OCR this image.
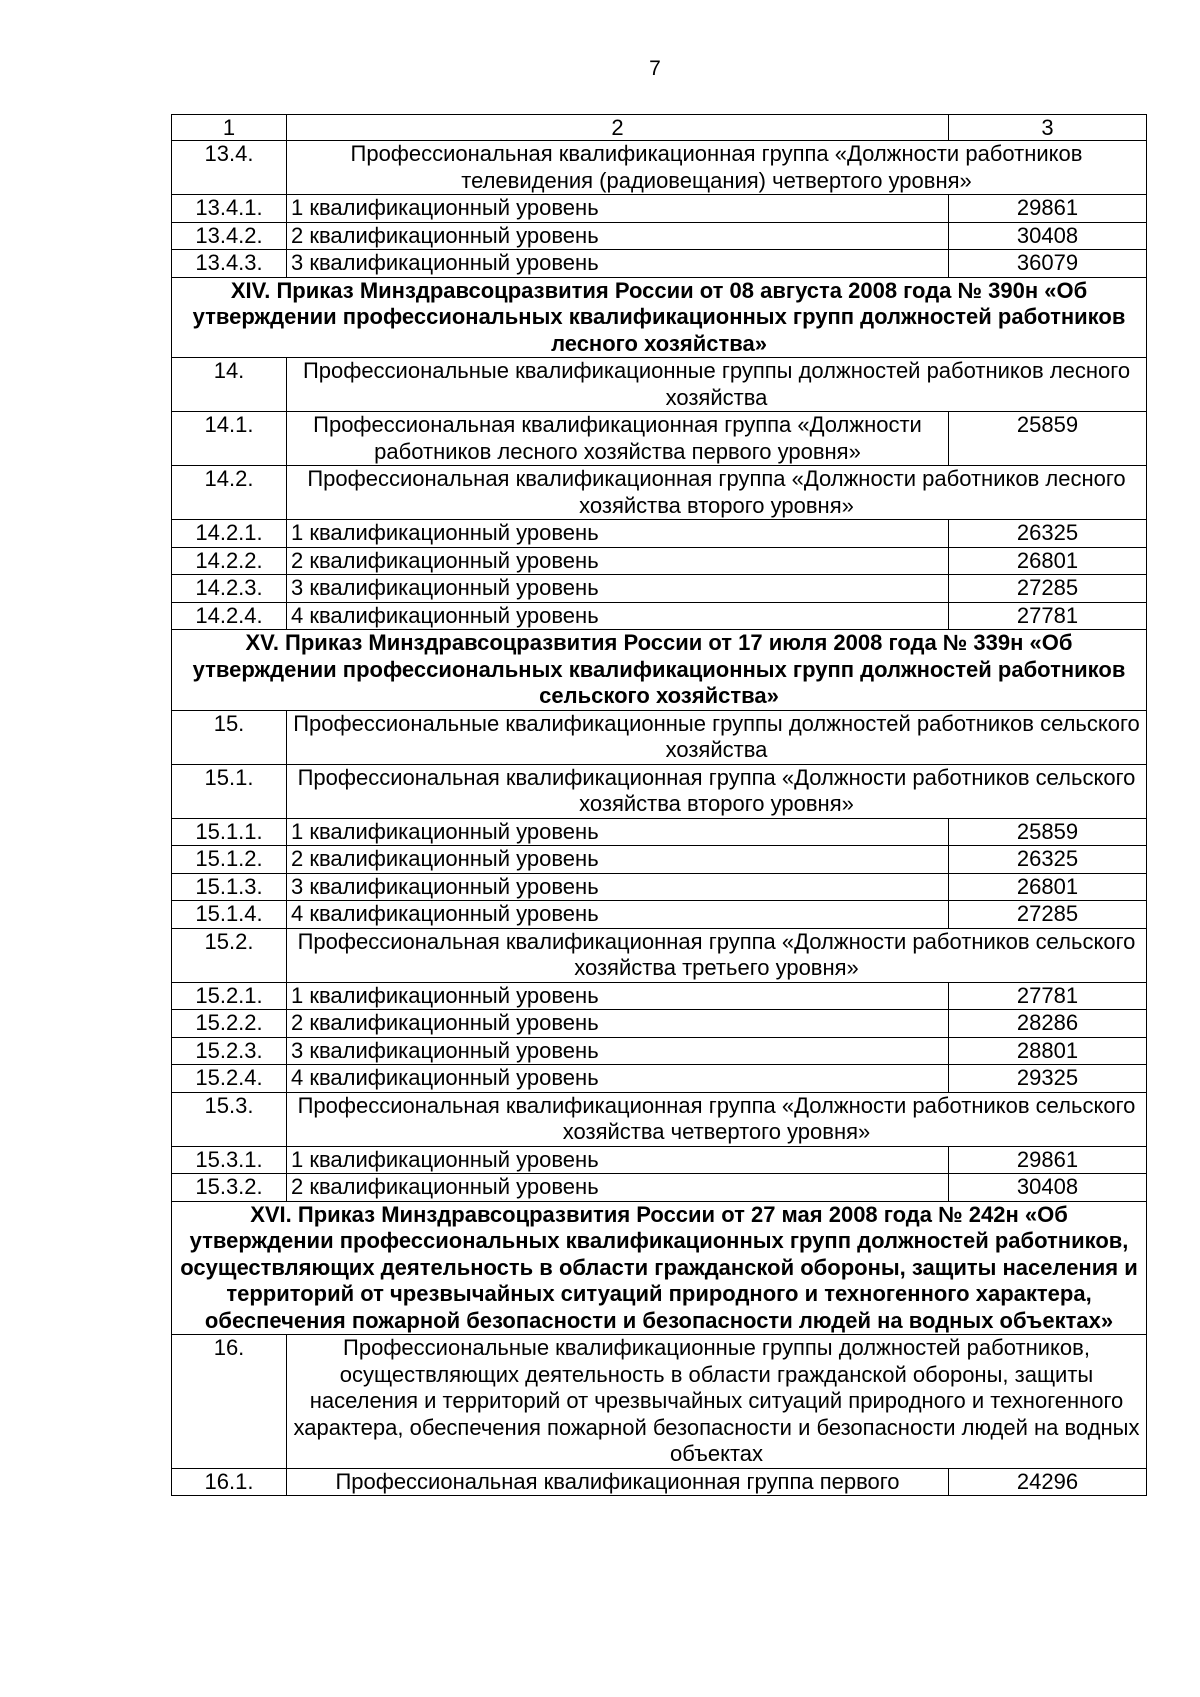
7
1	2	3
13.4.	Профессиональная квалификационная группа «Должности работников телевидения (радиовещания) четвертого уровня»	
13.4.1.	1 квалификационный уровень	29861
13.4.2.	2 квалификационный уровень	30408
13.4.3.	3 квалификационный уровень	36079
XIV. Приказ Минздравсоцразвития России от 08 августа 2008 года № 390н «Об утверждении профессиональных квалификационных групп должностей работников лесного хозяйства»		
14.	Профессиональные квалификационные группы должностей работников лесного хозяйства	
14.1.	Профессиональная квалификационная группа «Должности работников лесного хозяйства первого уровня»	25859
14.2.	Профессиональная квалификационная группа «Должности работников лесного хозяйства второго уровня»	
14.2.1.	1 квалификационный уровень	26325
14.2.2.	2 квалификационный уровень	26801
14.2.3.	3 квалификационный уровень	27285
14.2.4.	4 квалификационный уровень	27781
XV. Приказ Минздравсоцразвития России от 17 июля 2008 года № 339н «Об утверждении профессиональных квалификационных групп должностей работников сельского хозяйства»		
15.	Профессиональные квалификационные группы должностей работников сельского хозяйства	
15.1.	Профессиональная квалификационная группа «Должности работников сельского хозяйства второго уровня»	
15.1.1.	1 квалификационный уровень	25859
15.1.2.	2 квалификационный уровень	26325
15.1.3.	3 квалификационный уровень	26801
15.1.4.	4 квалификационный уровень	27285
15.2.	Профессиональная квалификационная группа «Должности работников сельского хозяйства третьего уровня»	
15.2.1.	1 квалификационный уровень	27781
15.2.2.	2 квалификационный уровень	28286
15.2.3.	3 квалификационный уровень	28801
15.2.4.	4 квалификационный уровень	29325
15.3.	Профессиональная квалификационная группа «Должности работников сельского хозяйства четвертого уровня»	
15.3.1.	1 квалификационный уровень	29861
15.3.2.	2 квалификационный уровень	30408
XVI. Приказ Минздравсоцразвития России от 27 мая 2008 года № 242н «Об утверждении профессиональных квалификационных групп должностей работников, осуществляющих деятельность в области гражданской обороны, защиты населения и территорий от чрезвычайных ситуаций природного и техногенного характера, обеспечения пожарной безопасности и безопасности людей на водных объектах»		
16.	Профессиональные квалификационные группы должностей работников, осуществляющих деятельность в области гражданской обороны, защиты населения и территорий от чрезвычайных ситуаций природного и техногенного характера, обеспечения пожарной безопасности и безопасности людей на водных объектах	
16.1.	Профессиональная квалификационная группа первого	24296
